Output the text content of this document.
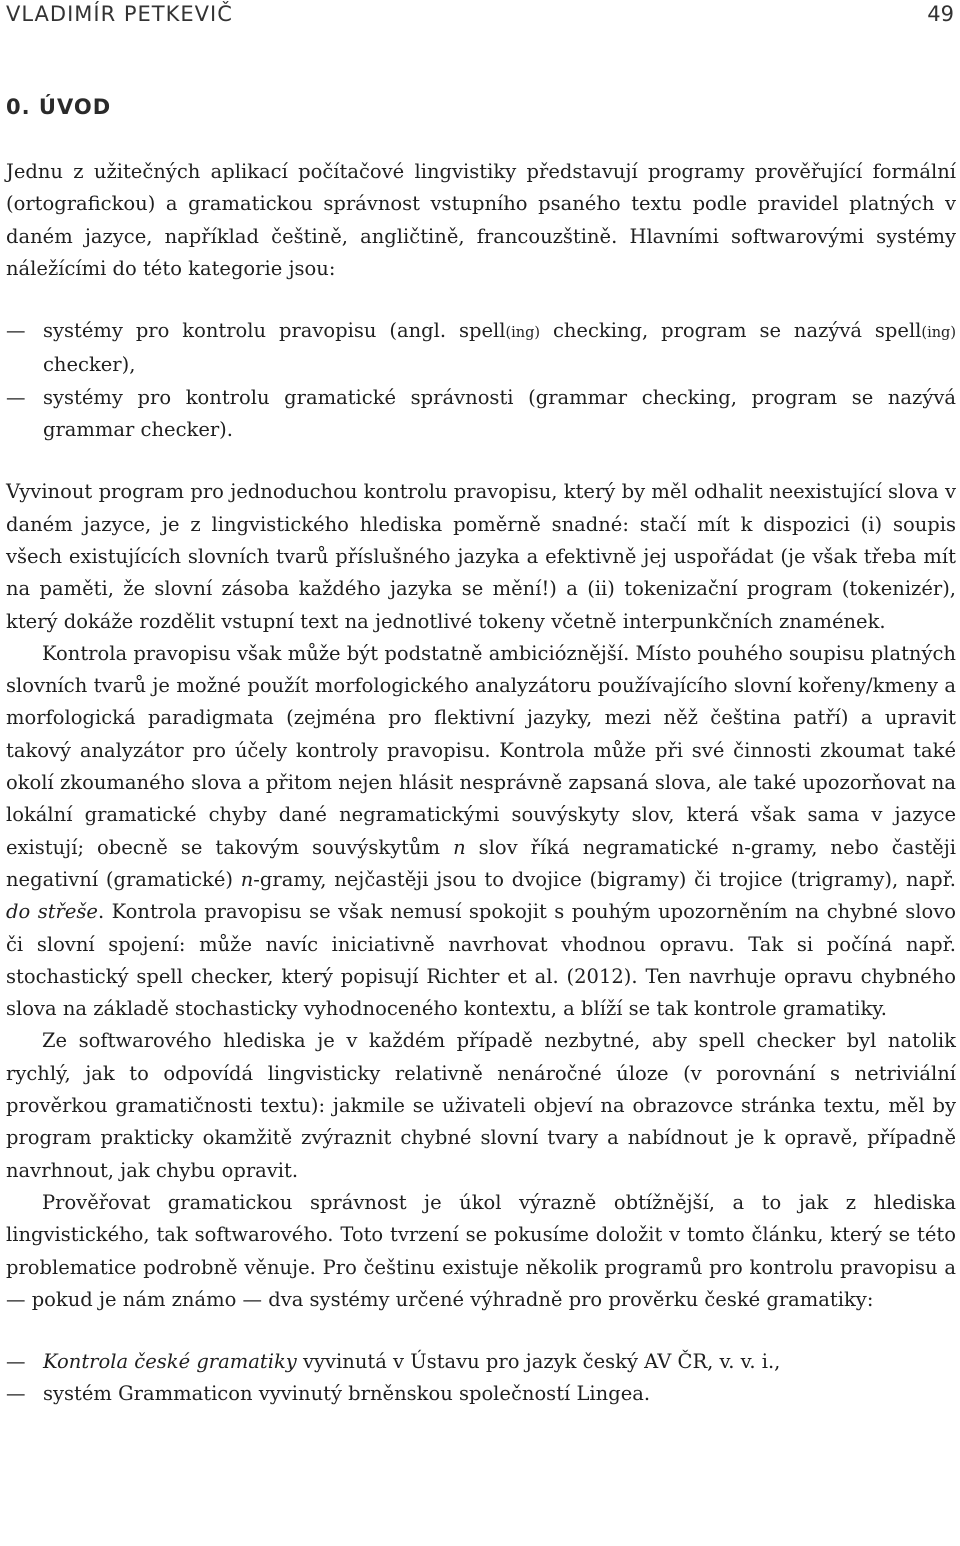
VLADIMÍR PETKEVIČ	49
0. ÚVOD

Jednu z užitečných aplikací počítačové lingvistiky představují programy prověřující formální (ortografickou) a gramatickou správnost vstupního psaného textu podle pravidel platných v daném jazyce, například češtině, angličtině, francouzštině. Hlavními softwarovými systémy náležícími do této kategorie jsou:

— systémy pro kontrolu pravopisu (angl. spell(ing) checking, program se nazývá spell(ing) checker),
— systémy pro kontrolu gramatické správnosti (grammar checking, program se nazývá grammar checker).

Vyvinout program pro jednoduchou kontrolu pravopisu, který by měl odhalit neexistující slova v daném jazyce, je z lingvistického hlediska poměrně snadné: stačí mít k dispozici (i) soupis všech existujících slovních tvarů příslušného jazyka a efektivně jej uspořádat (je však třeba mít na paměti, že slovní zásoba každého jazyka se mění!) a (ii) tokenizační program (tokenizér), který dokáže rozdělit vstupní text na jednotlivé tokeny včetně interpunkčních znamének.

Kontrola pravopisu však může být podstatně ambicióznější. Místo pouhého soupisu platných slovních tvarů je možné použít morfologického analyzátoru používajícího slovní kořeny/kmeny a morfologická paradigmata (zejména pro flektivní jazyky, mezi něž čeština patří) a upravit takový analyzátor pro účely kontroly pravopisu. Kontrola může při své činnosti zkoumat také okolí zkoumaného slova a přitom nejen hlásit nesprávně zapsaná slova, ale také upozorňovat na lokální gramatické chyby dané negramatickými souvýskyty slov, která však sama v jazyce existují; obecně se takovým souvýskytům n slov říká negramatické n-gramy, nebo častěji negativní (gramatické) n-gramy, nejčastěji jsou to dvojice (bigramy) či trojice (trigramy), např. do střeše. Kontrola pravopisu se však nemusí spokojit s pouhým upozorněním na chybné slovo či slovní spojení: může navíc iniciativně navrhovat vhodnou opravu. Tak si počíná např. stochastický spell checker, který popisují Richter et al. (2012). Ten navrhuje opravu chybného slova na základě stochasticky vyhodnoceného kontextu, a blíží se tak kontrole gramatiky.

Ze softwarového hlediska je v každém případě nezbytné, aby spell checker byl natolik rychlý, jak to odpovídá lingvisticky relativně nenáročné úloze (v porovnání s netriviální prověrkou gramatičnosti textu): jakmile se uživateli objeví na obrazovce stránka textu, měl by program prakticky okamžitě zvýraznit chybné slovní tvary a nabídnout je k opravě, případně navrhnout, jak chybu opravit.

Prověřovat gramatickou správnost je úkol výrazně obtížnější, a to jak z hlediska lingvistického, tak softwarového. Toto tvrzení se pokusíme doložit v tomto článku, který se této problematice podrobně věnuje. Pro češtinu existuje několik programů pro kontrolu pravopisu a — pokud je nám známo — dva systémy určené výhradně pro prověrku české gramatiky:

— Kontrola české gramatiky vyvinutá v Ústavu pro jazyk český AV ČR, v. v. i.,
— systém Grammaticon vyvinutý brněnskou společností Lingea.
